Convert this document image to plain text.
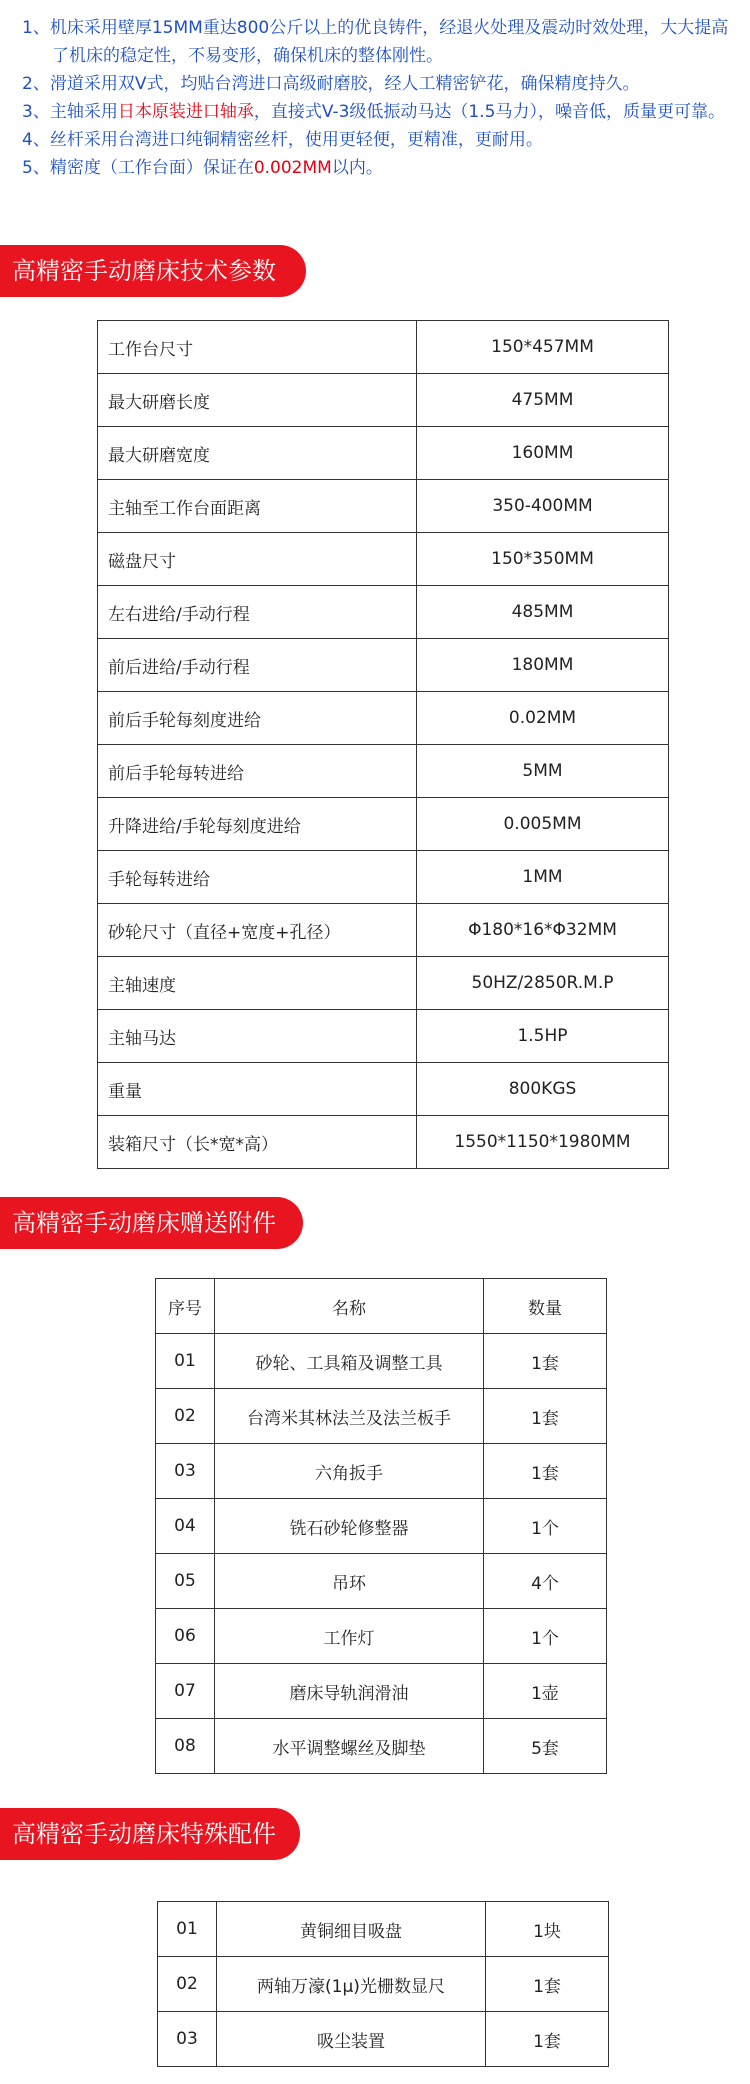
1、机床采用壁厚15MM重达800公斤以上的优良铸件，经退火处理及震动时效处理，大大提高了机床的稳定性，不易变形，确保机床的整体刚性。
2、滑道采用双V式，均贴台湾进口高级耐磨胶，经人工精密铲花，确保精度持久。
3、主轴采用日本原装进口轴承，直接式V-3级低振动马达（1.5马力），噪音低，质量更可靠。
4、丝杆采用台湾进口纯铜精密丝杆，使用更轻便，更精准，更耐用。
5、精密度（工作台面）保证在0.002MM以内。
高精密手动磨床技术参数
工作台尺寸	150*457MM
最大研磨长度	475MM
最大研磨宽度	160MM
主轴至工作台面距离	350-400MM
磁盘尺寸	150*350MM
左右进给/手动行程	485MM
前后进给/手动行程	180MM
前后手轮每刻度进给	0.02MM
前后手轮每转进给	5MM
升降进给/手轮每刻度进给	0.005MM
手轮每转进给	1MM
砂轮尺寸（直径+宽度+孔径）	Φ180*16*Φ32MM
主轴速度	50HZ/2850R.M.P
主轴马达	1.5HP
重量	800KGS
装箱尺寸（长*宽*高）	1550*1150*1980MM
高精密手动磨床赠送附件
序号	名称	数量
01	砂轮、工具箱及调整工具	1套
02	台湾米其林法兰及法兰板手	1套
03	六角扳手	1套
04	铣石砂轮修整器	1个
05	吊环	4个
06	工作灯	1个
07	磨床导轨润滑油	1壶
08	水平调整螺丝及脚垫	5套
高精密手动磨床特殊配件
01	黄铜细目吸盘	1块
02	两轴万濠(1μ)光栅数显尺	1套
03	吸尘装置	1套
